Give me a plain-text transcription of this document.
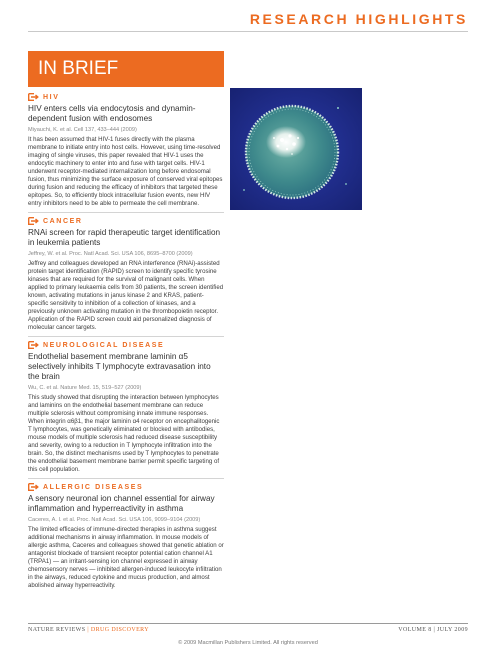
RESEARCH HIGHLIGHTS
IN BRIEF
HIV
HIV enters cells via endocytosis and dynamin-dependent fusion with endosomes
Miyauchi, K. et al. Cell 137, 433–444 (2009)
It has been assumed that HIV-1 fuses directly with the plasma membrane to initiate entry into host cells. However, using time-resolved imaging of single viruses, this paper revealed that HIV-1 uses the endocytic machinery to enter into and fuse with target cells. HIV-1 underwent receptor-mediated internalization long before endosomal fusion, thus minimizing the surface exposure of conserved viral epitopes during fusion and reducing the efficacy of inhibitors that targeted these epitopes. So, to efficiently block intracellular fusion events, new HIV entry inhibitors need to be able to permeate the cell membrane.
CANCER
RNAi screen for rapid therapeutic target identification in leukemia patients
Jeffrey, W. et al. Proc. Natl Acad. Sci. USA 106, 8695–8700 (2009)
Jeffrey and colleagues developed an RNA interference (RNAi)-assisted protein target identification (RAPID) screen to identify specific tyrosine kinases that are required for the survival of malignant cells. When applied to primary leukaemia cells from 30 patients, the screen identified known, activating mutations in janus kinase 2 and KRAS, patient-specific sensitivity to inhibition of a collection of kinases, and a previously unknown activating mutation in the thrombopoietin receptor. Application of the RAPID screen could aid personalized diagnosis of molecular cancer targets.
NEUROLOGICAL DISEASE
Endothelial basement membrane laminin α5 selectively inhibits T lymphocyte extravasation into the brain
Wu, C. et al. Nature Med. 15, 519–527 (2009)
This study showed that disrupting the interaction between lymphocytes and laminins on the endothelial basement membrane can reduce multiple sclerosis without compromising innate immune responses. When integrin α6β1, the major laminin α4 receptor on encephalitogenic T lymphocytes, was genetically eliminated or blocked with antibodies, mouse models of multiple sclerosis had reduced disease susceptibility and severity, owing to a reduction in T lymphocyte infiltration into the brain. So, the distinct mechanisms used by T lymphocytes to penetrate the endothelial basement membrane barrier permit specific targeting of this cell population.
ALLERGIC DISEASES
A sensory neuronal ion channel essential for airway inflammation and hyperreactivity in asthma
Caceres, A. I. et al. Proc. Natl Acad. Sci. USA 106, 9099–9104 (2009)
The limited efficacies of immune-directed therapies in asthma suggest additional mechanisms in airway inflammation. In mouse models of allergic asthma, Caceres and colleagues showed that genetic ablation or antagonist blockade of transient receptor potential cation channel A1 (TRPA1) — an irritant-sensing ion channel expressed in airway chemosensory nerves — inhibited allergen-induced leukocyte infiltration in the airways, reduced cytokine and mucus production, and almost abolished airway hyperreactivity.
NATURE REVIEWS | DRUG DISCOVERY	VOLUME 8 | JULY 2009
© 2009 Macmillan Publishers Limited. All rights reserved
